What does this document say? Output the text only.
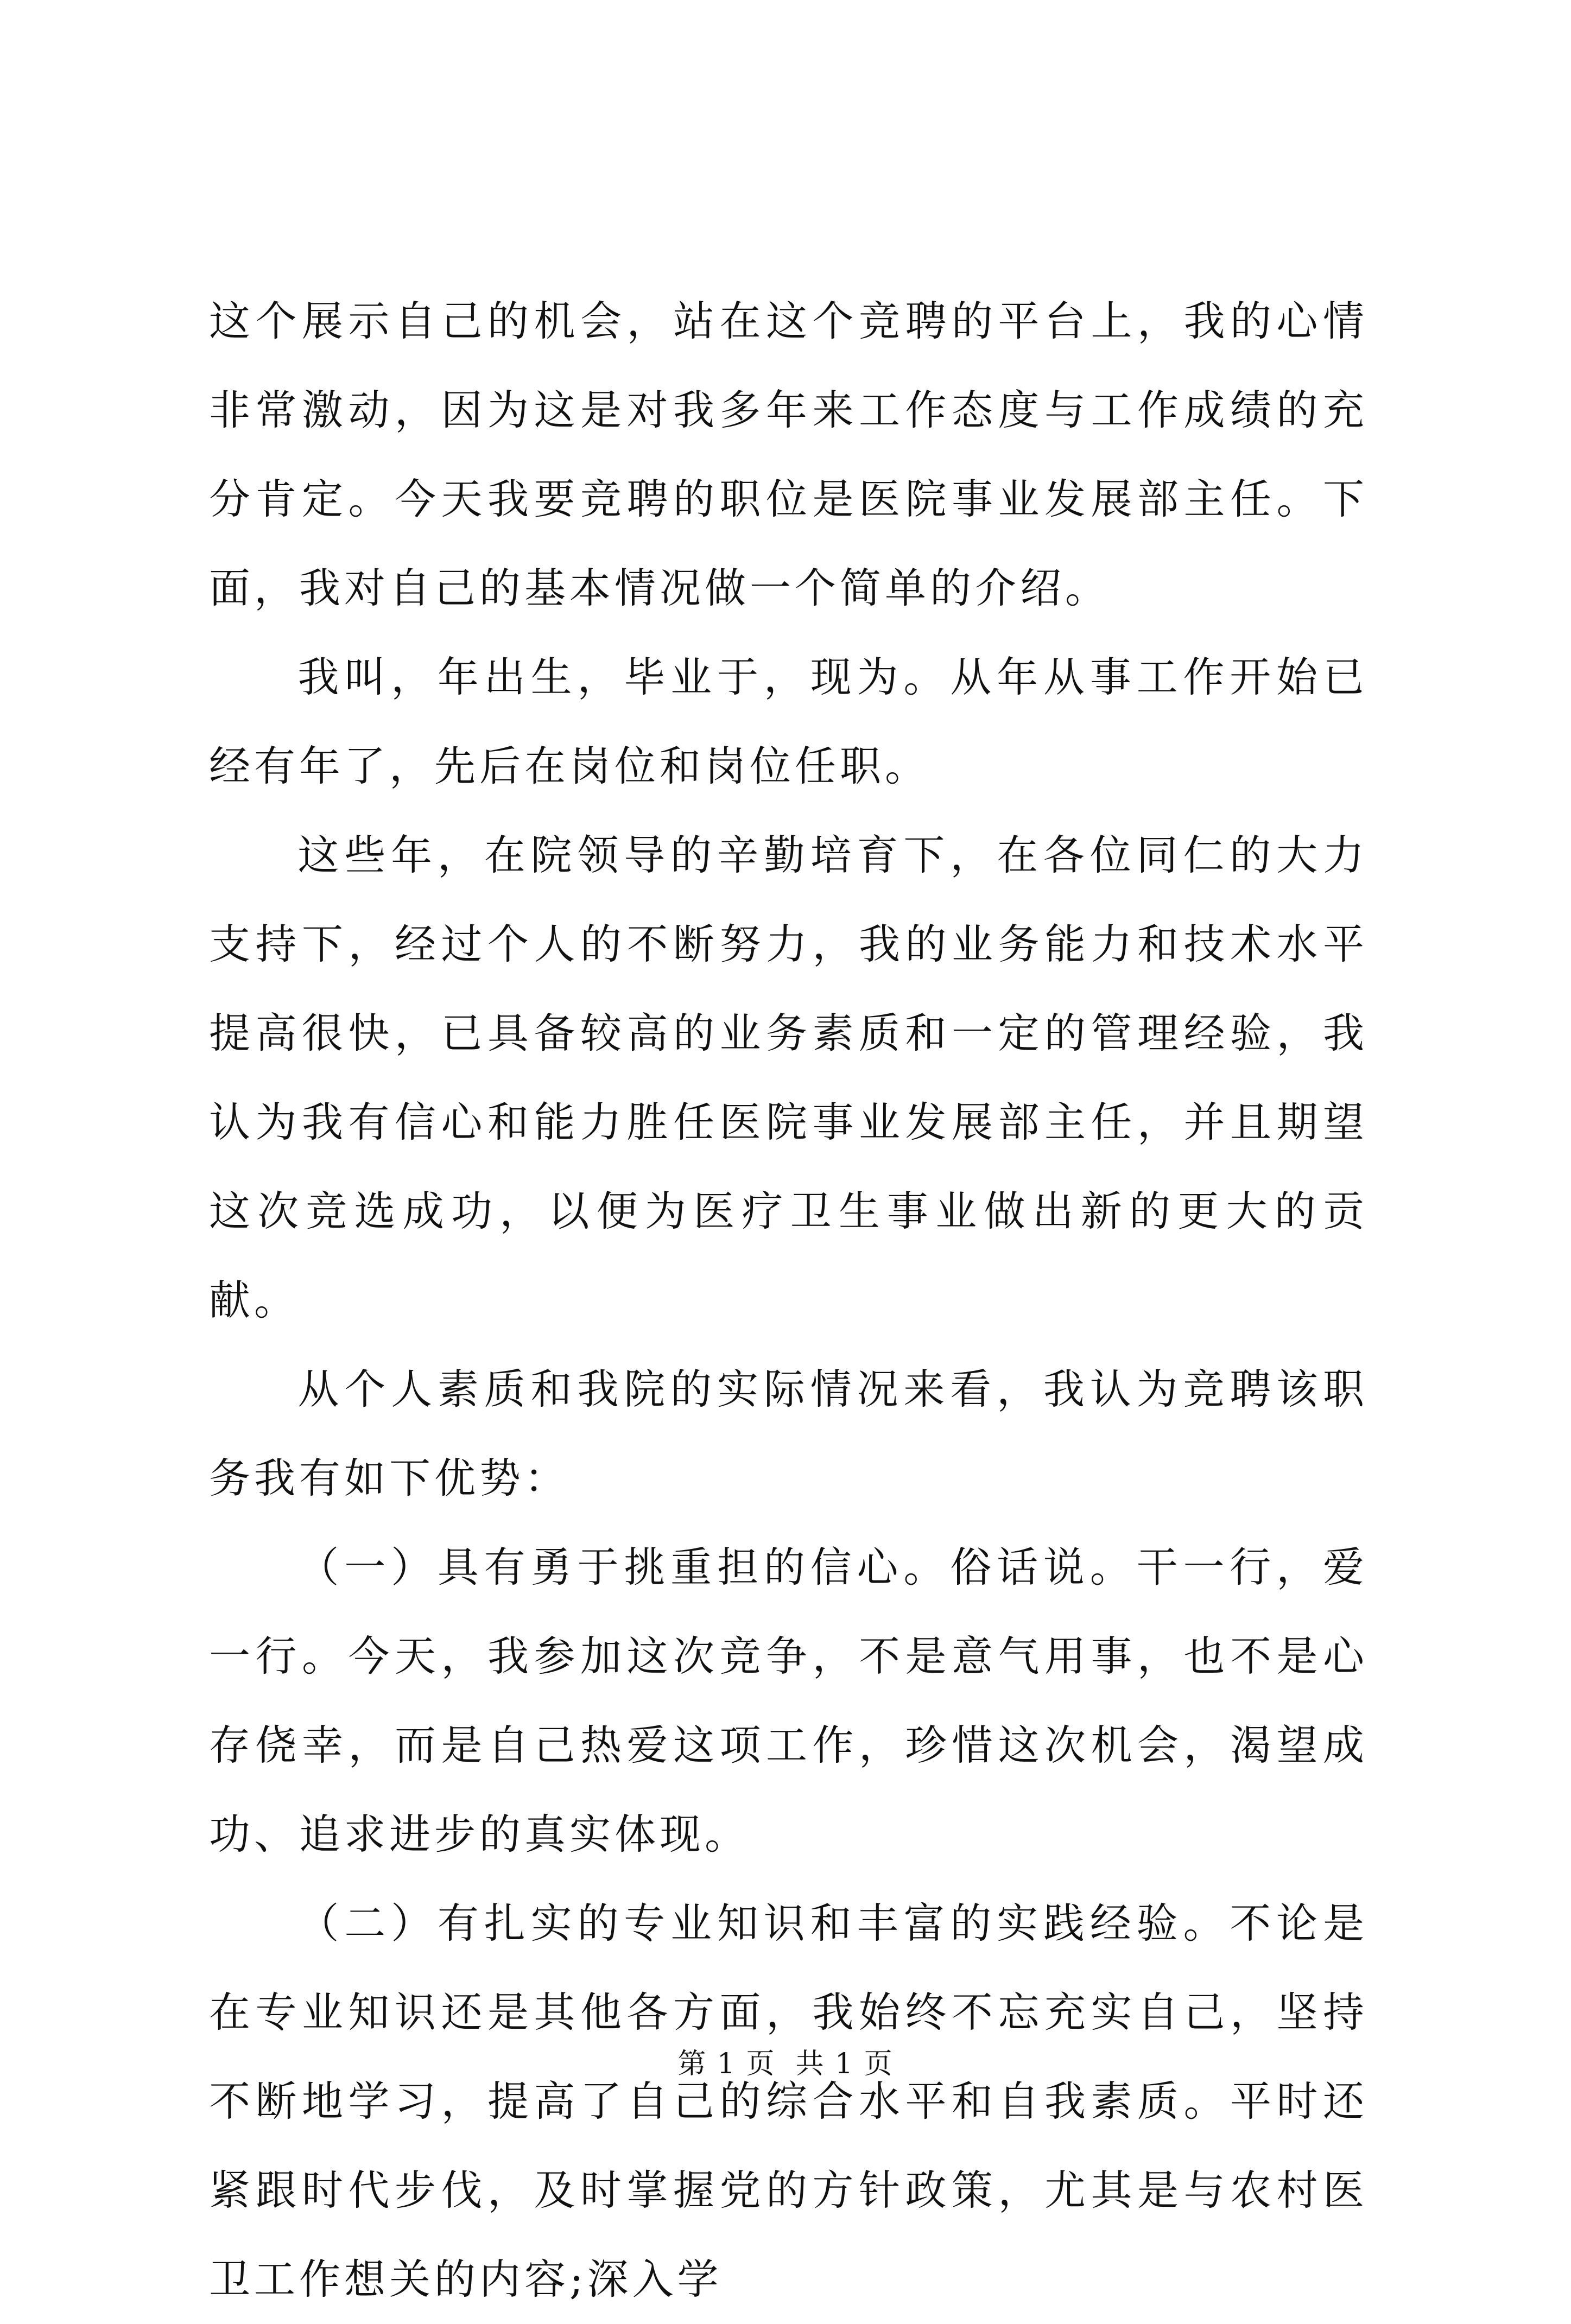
这个展示自己的机会，站在这个竞聘的平台上，我的心情非常激动，因为这是对我多年来工作态度与工作成绩的充分肯定。今天我要竞聘的职位是医院事业发展部主任。下面，我对自己的基本情况做一个简单的介绍。

我叫，年出生，毕业于，现为。从年从事工作开始已经有年了，先后在岗位和岗位任职。

这些年，在院领导的辛勤培育下，在各位同仁的大力支持下，经过个人的不断努力，我的业务能力和技术水平提高很快，已具备较高的业务素质和一定的管理经验，我认为我有信心和能力胜任医院事业发展部主任，并且期望这次竞选成功，以便为医疗卫生事业做出新的更大的贡献。

从个人素质和我院的实际情况来看，我认为竞聘该职务我有如下优势：

（一）具有勇于挑重担的信心。俗话说。干一行，爱一行。今天，我参加这次竞争，不是意气用事，也不是心存侥幸，而是自己热爱这项工作，珍惜这次机会，渴望成功、追求进步的真实体现。

（二）有扎实的专业知识和丰富的实践经验。不论是在专业知识还是其他各方面，我始终不忘充实自己，坚持不断地学习，提高了自己的综合水平和自我素质。平时还紧跟时代步伐，及时掌握党的方针政策，尤其是与农村医卫工作想关的内容;深入学

第 1 页  共 1 页
